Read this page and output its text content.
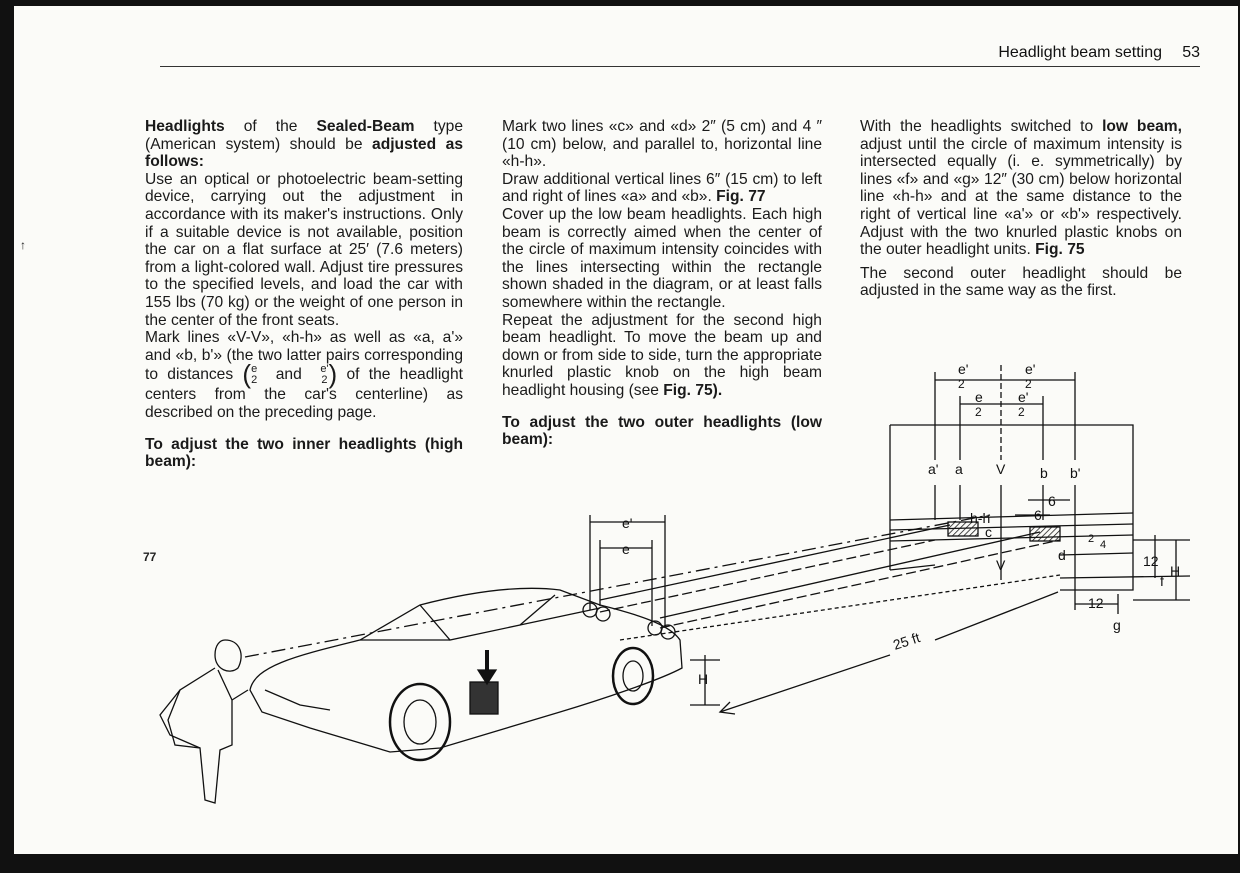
Headlight beam setting 53
↑

Headlights of the Sealed-Beam type (American system) should be adjusted as follows:

Use an optical or photoelectric beam-setting device, carrying out the adjustment in accordance with its maker's instructions. Only if a suitable device is not available, position the car on a flat surface at 25′ (7.6 meters) from a light-colored wall. Adjust tire pressures to the specified levels, and load the car with 155 lbs (70 kg) or the weight of one person in the center of the front seats.

Mark lines «V-V», «h-h» as well as «a, a'» and «b, b'» (the two latter pairs corresponding to distances (e
2 and e'
2) of the headlight centers from the car's centerline) as described on the preceding page.

To adjust the two inner headlights (high beam):

Mark two lines «c» and «d» 2″ (5 cm) and 4 ″ (10 cm) below, and parallel to, horizontal line «h-h».

Draw additional vertical lines 6″ (15 cm) to left and right of lines «a» and «b». Fig. 77

Cover up the low beam headlights. Each high beam is correctly aimed when the center of the circle of maximum intensity coincides with the lines intersecting within the rectangle shown shaded in the diagram, or at least falls somewhere within the rectangle.

Repeat the adjustment for the second high beam headlight. To move the beam up and down or from side to side, turn the appropriate knurled plastic knob on the high beam headlight housing (see Fig. 75).

To adjust the two outer headlights (low beam):

With the headlights switched to low beam, adjust until the circle of maximum intensity is intersected equally (i. e. symmetrically) by lines «f» and «g» 12″ (30 cm) below horizontal line «h-h» and at the same distance to the right of vertical line «a'» or «b'» respectively. Adjust with the two knurled plastic knobs on the outer headlight units. Fig. 75

The second outer headlight should be adjusted in the same way as the first.

77
e'
2
e'
2
e
2
e'
2
a' a V b b'
6
6
h-h
c
d
2 4
12
f
H
V
12
g
25 ft
e'
e
H
